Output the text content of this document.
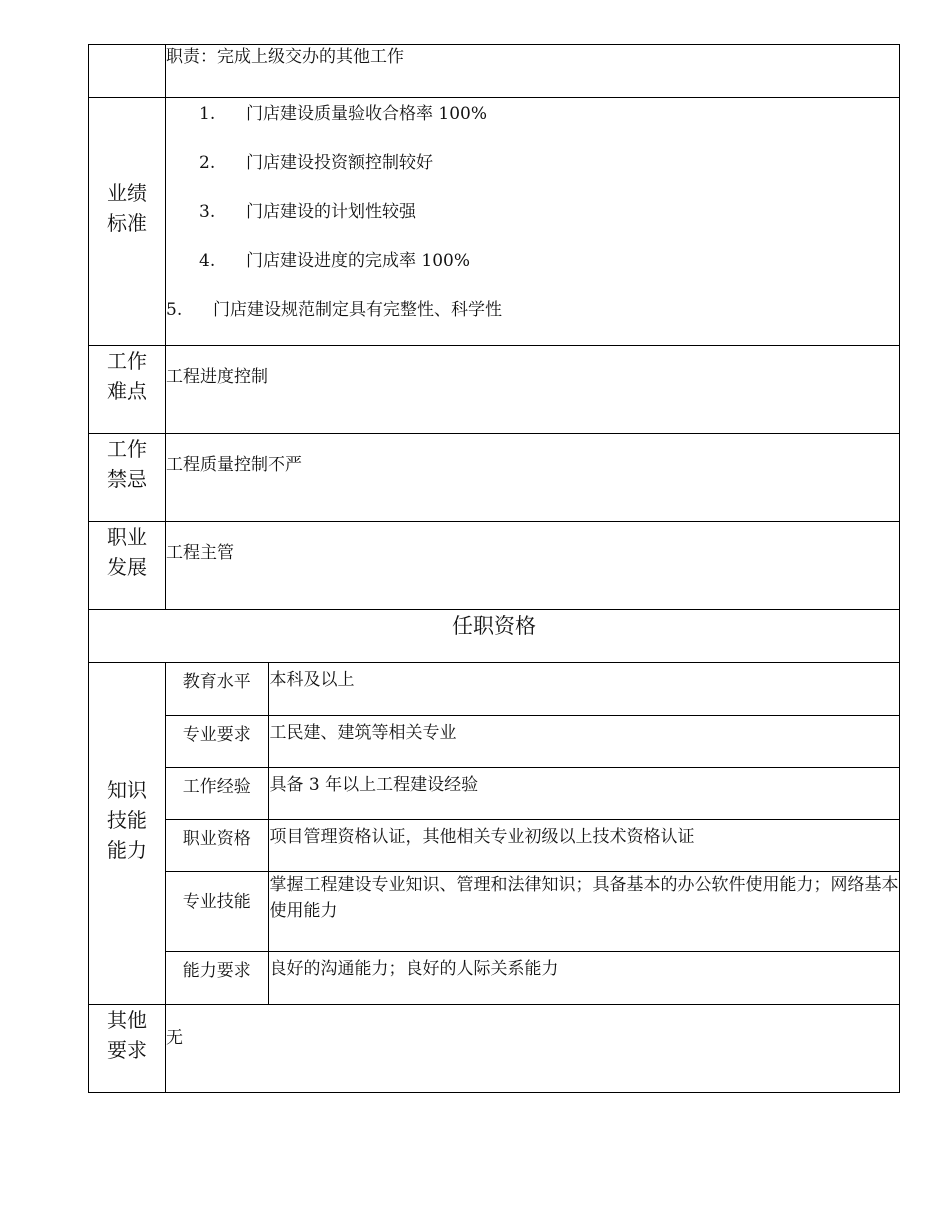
	职责：完成上级交办的其他工作

业绩
标准

1.	门店建设质量验收合格率 100%
2.	门店建设投资额控制较好
3.	门店建设的计划性较强
4.	门店建设进度的完成率 100%
5.	门店建设规范制定具有完整性、科学性

工作
难点
	工程进度控制

工作
禁忌
	工程质量控制不严

职业
发展
	工程主管
任职资格

知识
技能
能力

教育水平	本科及以上
专业要求	工民建、建筑等相关专业
工作经验	具备 3 年以上工程建设经验
职业资格	项目管理资格认证，其他相关专业初级以上技术资格认证
专业技能	掌握工程建设专业知识、管理和法律知识；具备基本的办公软件使用能力；网络基本使用能力
能力要求	良好的沟通能力；良好的人际关系能力

其他
要求	无
